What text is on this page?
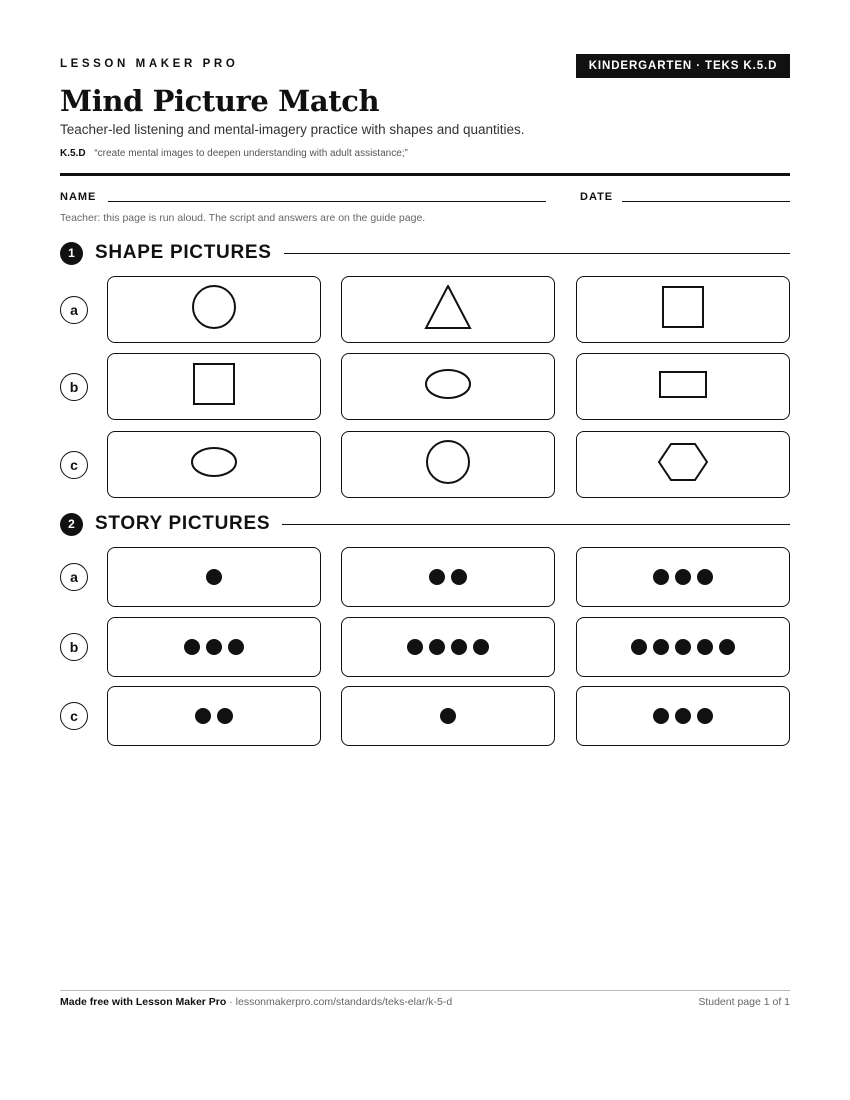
LESSON MAKER PRO	KINDERGARTEN · TEKS K.5.D
Mind Picture Match
Teacher-led listening and mental-imagery practice with shapes and quantities.
K.5.D “create mental images to deepen understanding with adult assistance;”
NAME	DATE
Teacher: this page is run aloud. The script and answers are on the guide page.
1	SHAPE PICTURES
a
b
c
2	STORY PICTURES
a
b
c
Made free with Lesson Maker Pro · lessonmakerpro.com/standards/teks-elar/k-5-d	Student page 1 of 1
